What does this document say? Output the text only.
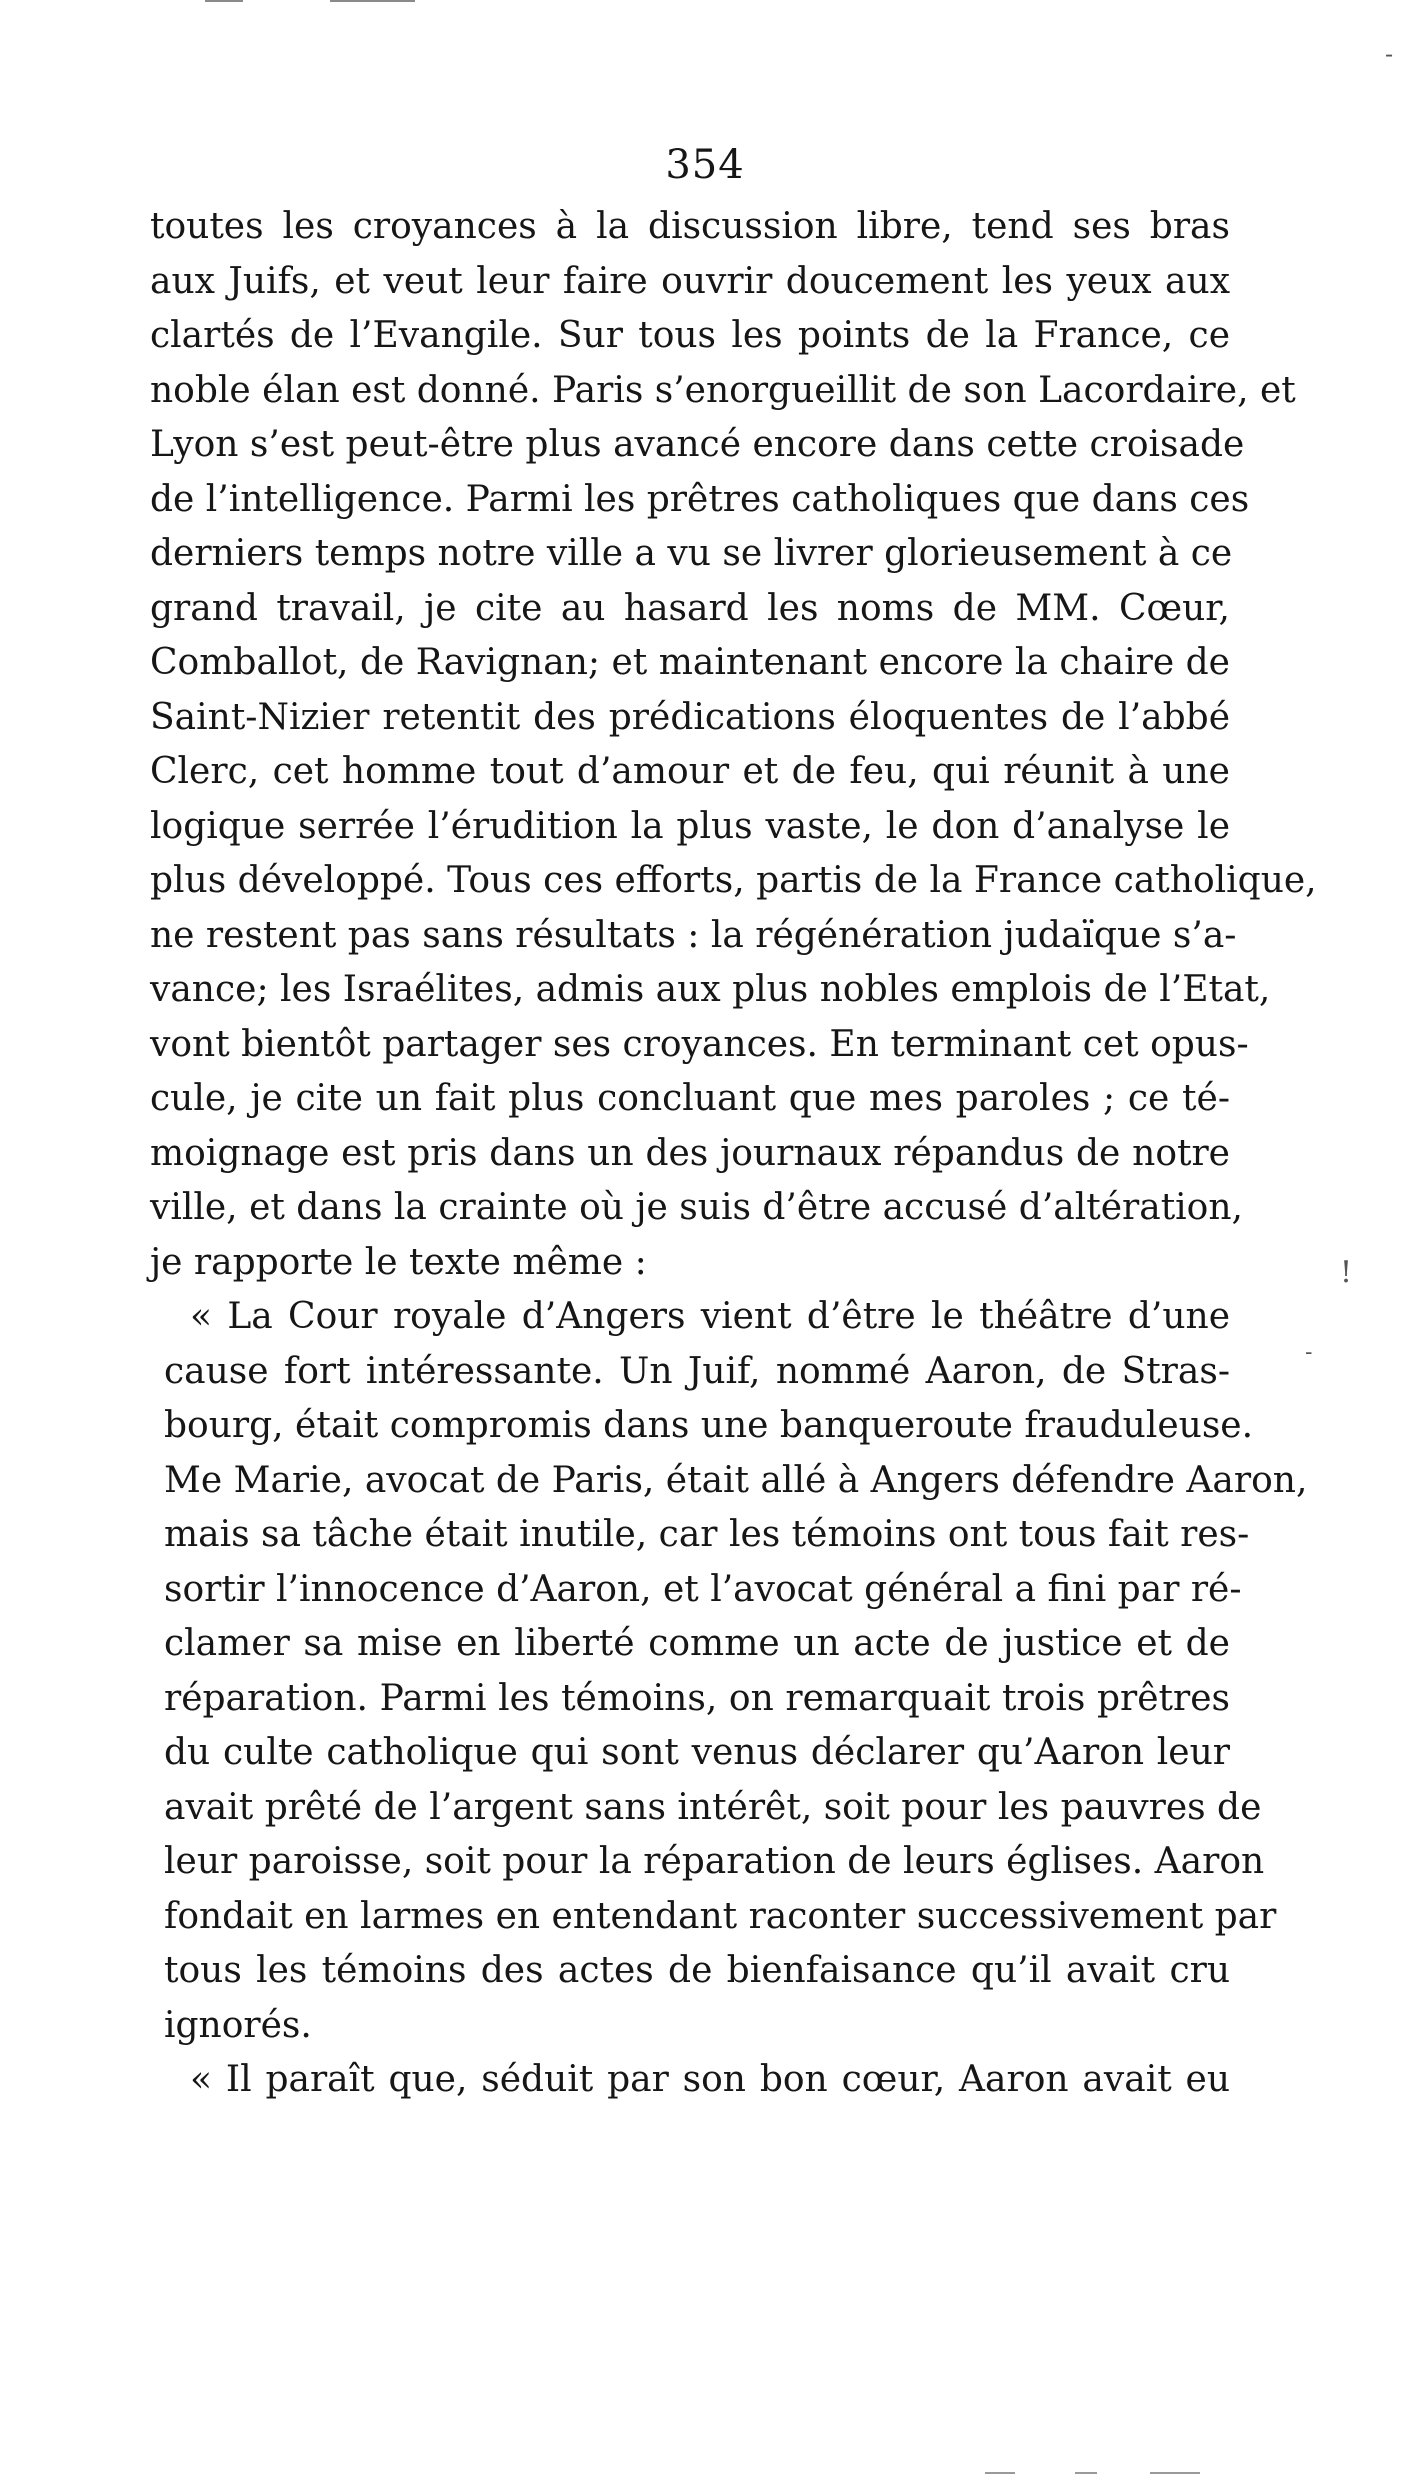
354
toutes les croyances à la discussion libre, tend ses bras
aux Juifs, et veut leur faire ouvrir doucement les yeux aux
clartés de l’Evangile. Sur tous les points de la France, ce
noble élan est donné. Paris s’enorgueillit de son Lacordaire, et
Lyon s’est peut-être plus avancé encore dans cette croisade
de l’intelligence. Parmi les prêtres catholiques que dans ces
derniers temps notre ville a vu se livrer glorieusement à ce
grand travail, je cite au hasard les noms de MM. Cœur,
Comballot, de Ravignan; et maintenant encore la chaire de
Saint-Nizier retentit des prédications éloquentes de l’abbé
Clerc, cet homme tout d’amour et de feu, qui réunit à une
logique serrée l’érudition la plus vaste, le don d’analyse le
plus développé. Tous ces efforts, partis de la France catholique,
ne restent pas sans résultats : la régénération judaïque s’a-
vance; les Israélites, admis aux plus nobles emplois de l’Etat,
vont bientôt partager ses croyances. En terminant cet opus-
cule, je cite un fait plus concluant que mes paroles ; ce té-
moignage est pris dans un des journaux répandus de notre
ville, et dans la crainte où je suis d’être accusé d’altération,
je rapporte le texte même :
« La Cour royale d’Angers vient d’être le théâtre d’une
cause fort intéressante. Un Juif, nommé Aaron, de Stras-
bourg, était compromis dans une banqueroute frauduleuse.
Me Marie, avocat de Paris, était allé à Angers défendre Aaron,
mais sa tâche était inutile, car les témoins ont tous fait res-
sortir l’innocence d’Aaron, et l’avocat général a fini par ré-
clamer sa mise en liberté comme un acte de justice et de
réparation. Parmi les témoins, on remarquait trois prêtres
du culte catholique qui sont venus déclarer qu’Aaron leur
avait prêté de l’argent sans intérêt, soit pour les pauvres de
leur paroisse, soit pour la réparation de leurs églises. Aaron
fondait en larmes en entendant raconter successivement par
tous les témoins des actes de bienfaisance qu’il avait cru
ignorés.
« Il paraît que, séduit par son bon cœur, Aaron avait eu
-
!
-
